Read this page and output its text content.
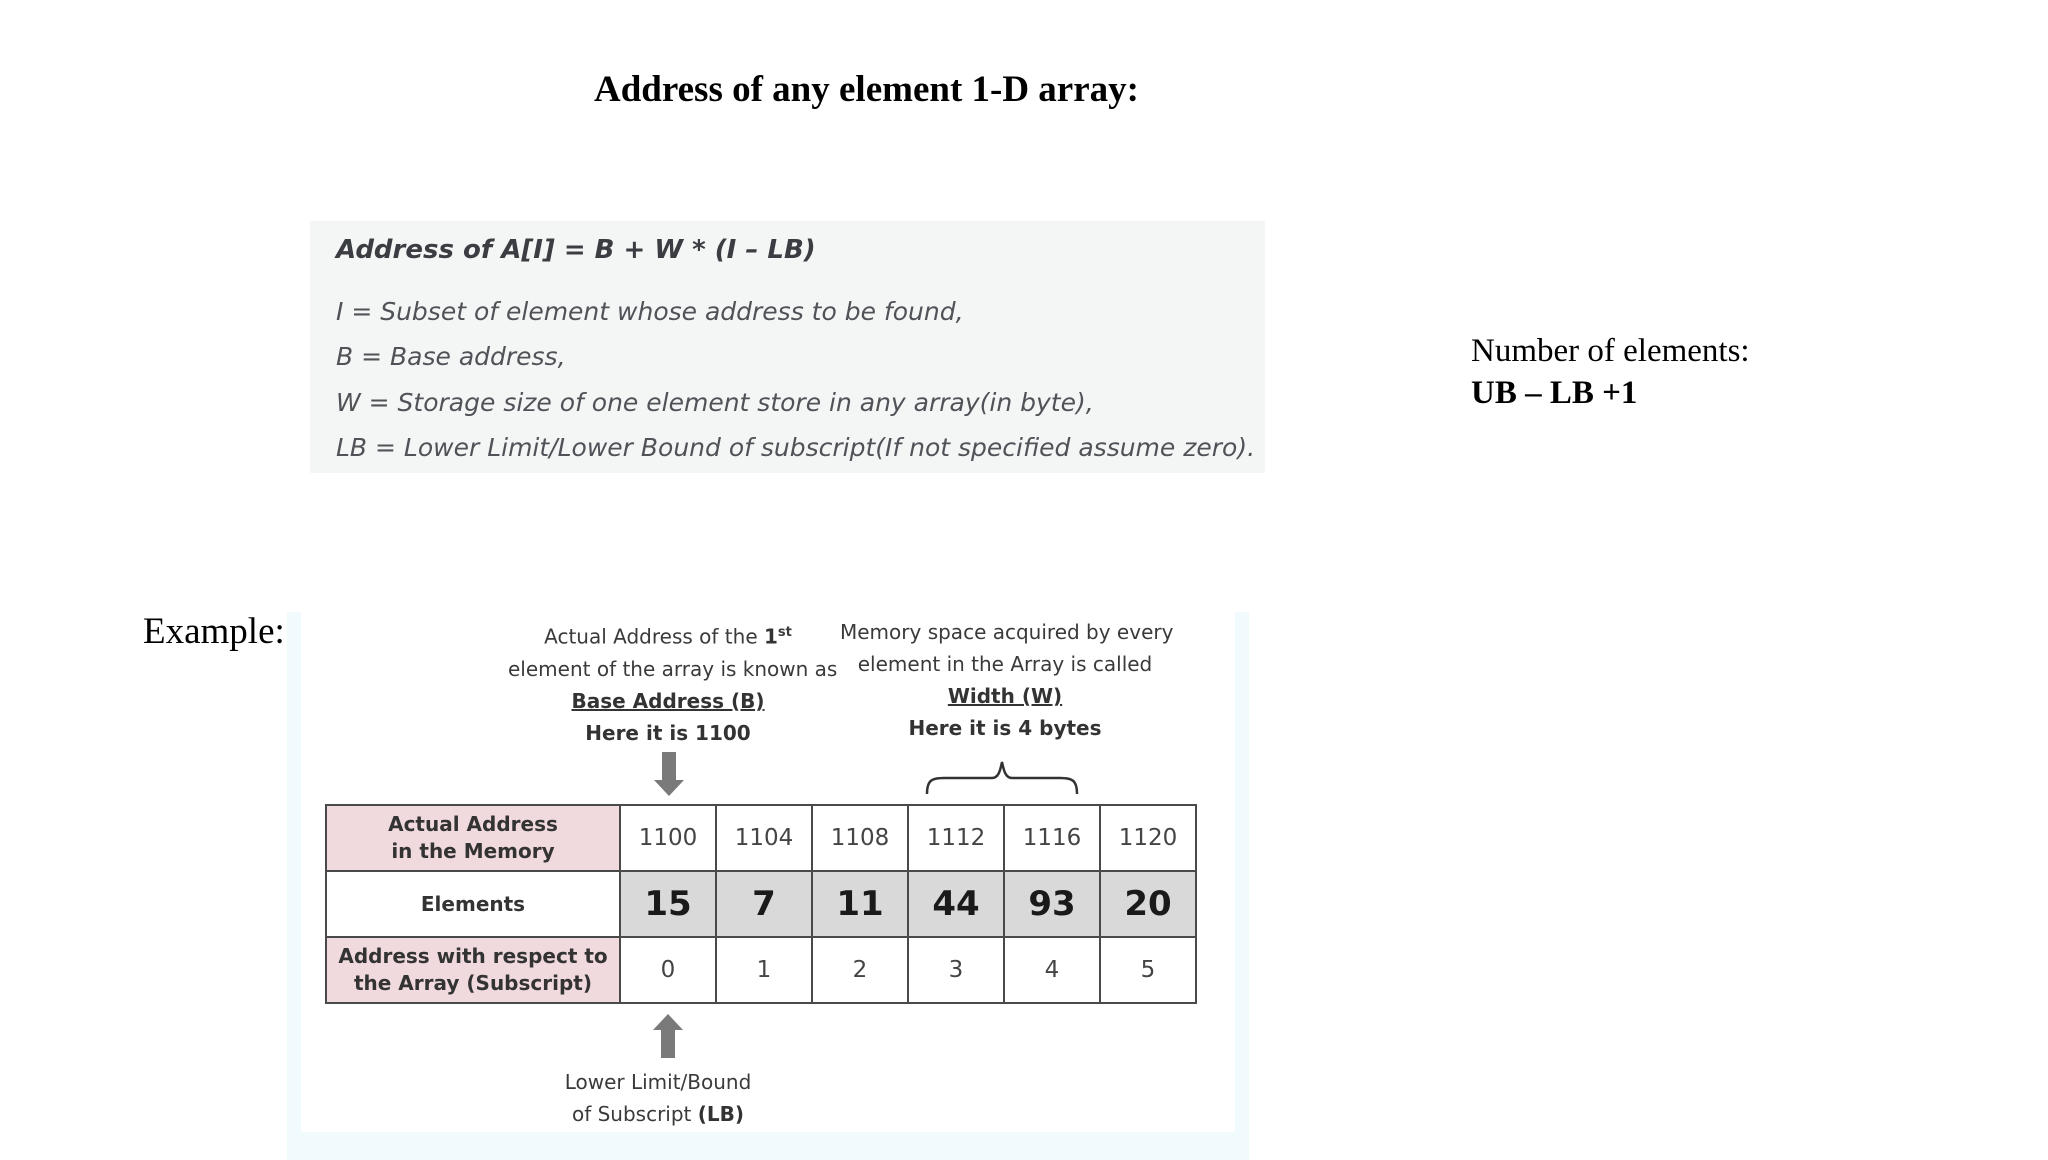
Address of any element 1-D array:
Address of A[I] = B + W * (I – LB)
I = Subset of element whose address to be found,
B = Base address,
W = Storage size of one element store in any array(in byte),
LB = Lower Limit/Lower Bound of subscript(If not specified assume zero).
Number of elements:
UB – LB +1
Example:	Actual Address of the 1st
element of the array is known as
Base Address (B)
Here it is 1100
Memory space acquired by every
element in the Array is called
Width (W)
Here it is 4 bytes
Actual Address
in the Memory	1100	1104	1108	1112	1116	1120
Elements	15	7	11	44	93	20

Address with respect to
the Array (Subscript)	0	1	2	3	4	5
Lower Limit/Bound
of Subscript (LB)
